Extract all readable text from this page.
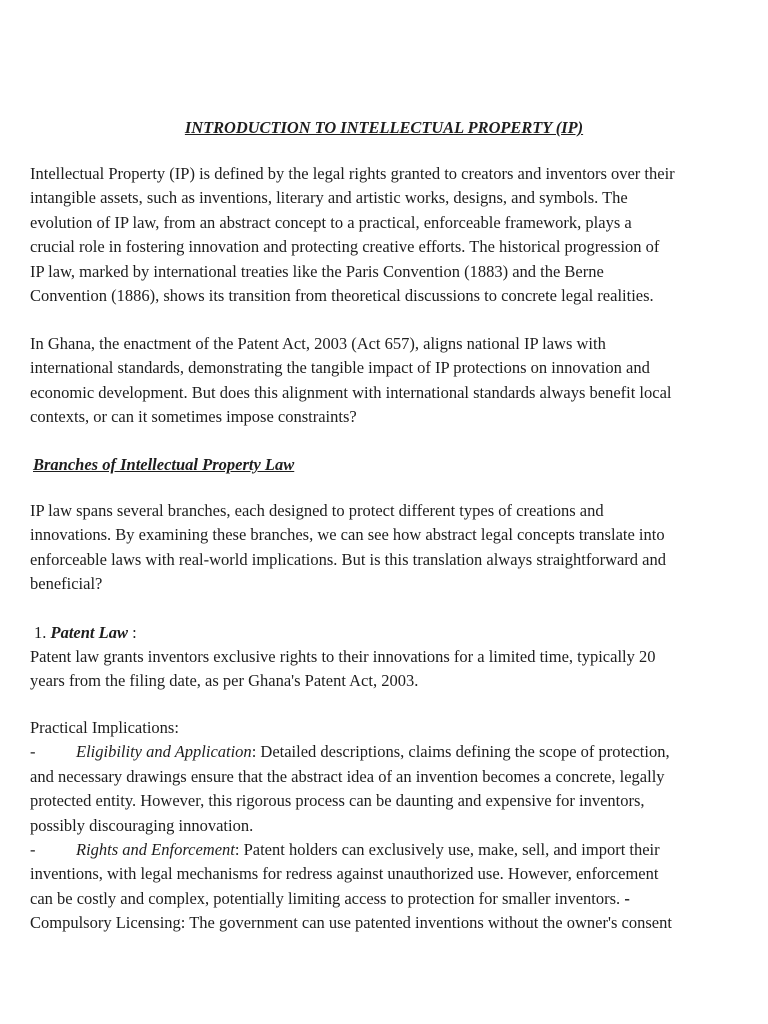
INTRODUCTION TO INTELLECTUAL PROPERTY (IP)
Intellectual Property (IP) is defined by the legal rights granted to creators and inventors over their
intangible assets, such as inventions, literary and artistic works, designs, and symbols. The
evolution of IP law, from an abstract concept to a practical, enforceable framework, plays a
crucial role in fostering innovation and protecting creative efforts. The historical progression of
IP law, marked by international treaties like the Paris Convention (1883) and the Berne
Convention (1886), shows its transition from theoretical discussions to concrete legal realities.
In Ghana, the enactment of the Patent Act, 2003 (Act 657), aligns national IP laws with
international standards, demonstrating the tangible impact of IP protections on innovation and
economic development. But does this alignment with international standards always benefit local
contexts, or can it sometimes impose constraints?
Branches of Intellectual Property Law
IP law spans several branches, each designed to protect different types of creations and
innovations. By examining these branches, we can see how abstract legal concepts translate into
enforceable laws with real-world implications. But is this translation always straightforward and
beneficial?
1. Patent Law :
Patent law grants inventors exclusive rights to their innovations for a limited time, typically 20
years from the filing date, as per Ghana's Patent Act, 2003.
Practical Implications:
- Eligibility and Application: Detailed descriptions, claims defining the scope of protection,
and necessary drawings ensure that the abstract idea of an invention becomes a concrete, legally
protected entity. However, this rigorous process can be daunting and expensive for inventors,
possibly discouraging innovation.
- Rights and Enforcement: Patent holders can exclusively use, make, sell, and import their
inventions, with legal mechanisms for redress against unauthorized use. However, enforcement
can be costly and complex, potentially limiting access to protection for smaller inventors. -
Compulsory Licensing: The government can use patented inventions without the owner's consent
